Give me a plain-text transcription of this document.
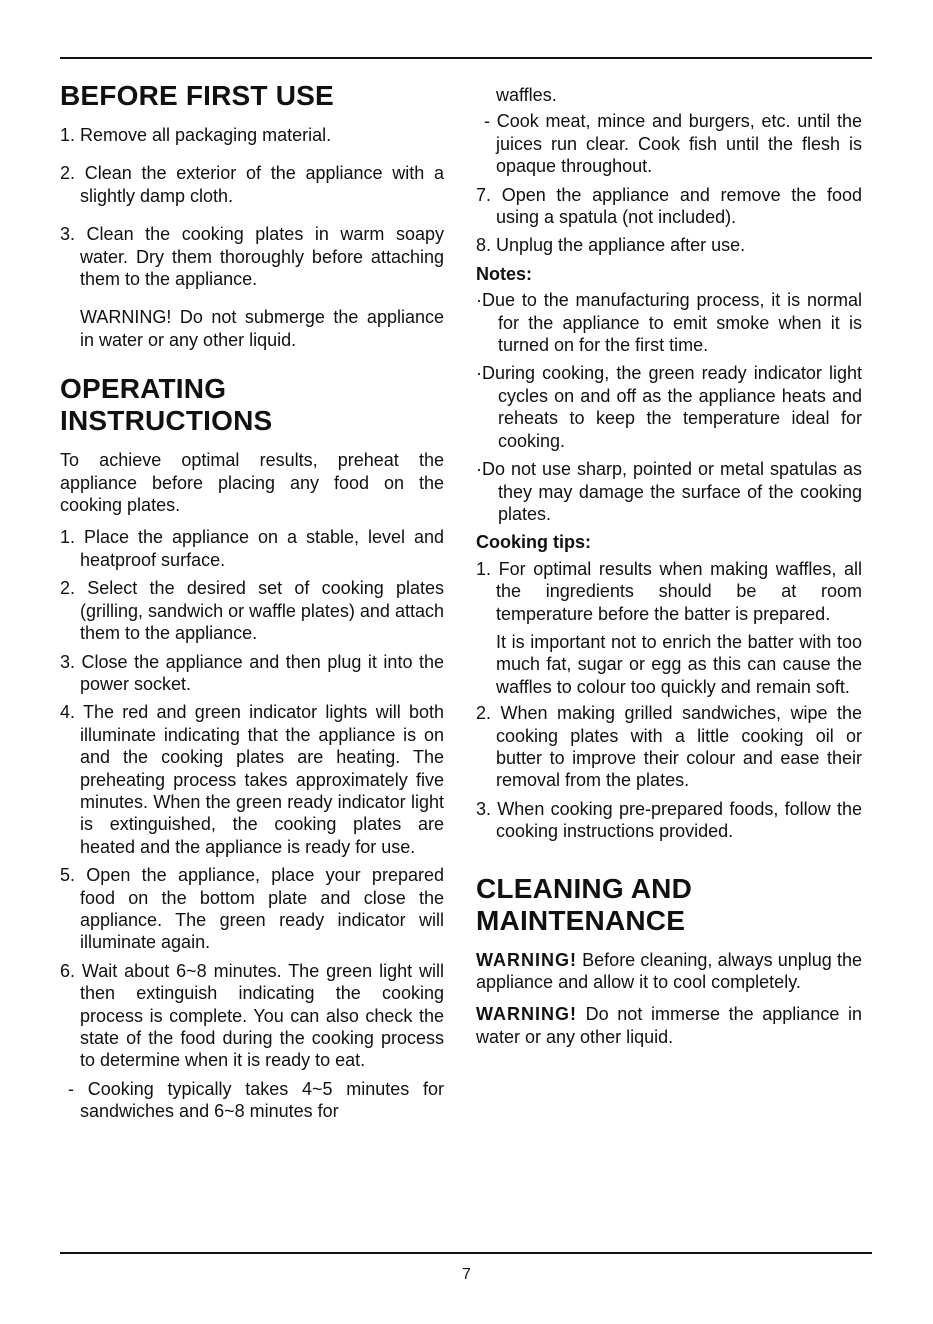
BEFORE FIRST USE
1. Remove all packaging material.
2. Clean the exterior of the appliance with a slightly damp cloth.
3. Clean the cooking plates in warm soapy water. Dry them thoroughly before attaching them to the appliance.
WARNING! Do not submerge the appliance in water or any other liquid.
OPERATING INSTRUCTIONS
To achieve optimal results, preheat the appliance before placing any food on the cooking plates.
1. Place the appliance on a stable, level and heatproof surface.
2. Select the desired set of cooking plates (grilling, sandwich or waffle plates) and attach them to the appliance.
3. Close the appliance and then plug it into the power socket.
4. The red and green indicator lights will both illuminate indicating that the appliance is on and the cooking plates are heating. The preheating process takes approximately five minutes. When the green ready indicator light is extinguished, the cooking plates are heated and the appliance is ready for use.
5. Open the appliance, place your prepared food on the bottom plate and close the appliance. The green ready indicator will illuminate again.
6. Wait about 6~8 minutes. The green light will then extinguish indicating the cooking process is complete. You can also check the state of the food during the cooking process to determine when it is ready to eat.
- Cooking typically takes 4~5 minutes for sandwiches and 6~8 minutes for
waffles.
- Cook meat, mince and burgers, etc. until the juices run clear. Cook fish until the flesh is opaque throughout.
7. Open the appliance and remove the food using a spatula (not included).
8. Unplug the appliance after use.
Notes:
·Due to the manufacturing process, it is normal for the appliance to emit smoke when it is turned on for the first time.
·During cooking, the green ready indicator light cycles on and off as the appliance heats and reheats to keep the temperature ideal for cooking.
·Do not use sharp, pointed or metal spatulas as they may damage the surface of the cooking plates.
Cooking tips:
1. For optimal results when making waffles, all the ingredients should be at room temperature before the batter is prepared.
It is important not to enrich the batter with too much fat, sugar or egg as this can cause the waffles to colour too quickly and remain soft.
2. When making grilled sandwiches, wipe the cooking plates with a little cooking oil or butter to improve their colour and ease their removal from the plates.
3. When cooking pre-prepared foods, follow the cooking instructions provided.
CLEANING AND MAINTENANCE
WARNING! Before cleaning, always unplug the appliance and allow it to cool completely.
WARNING! Do not immerse the appliance in water or any other liquid.
7
